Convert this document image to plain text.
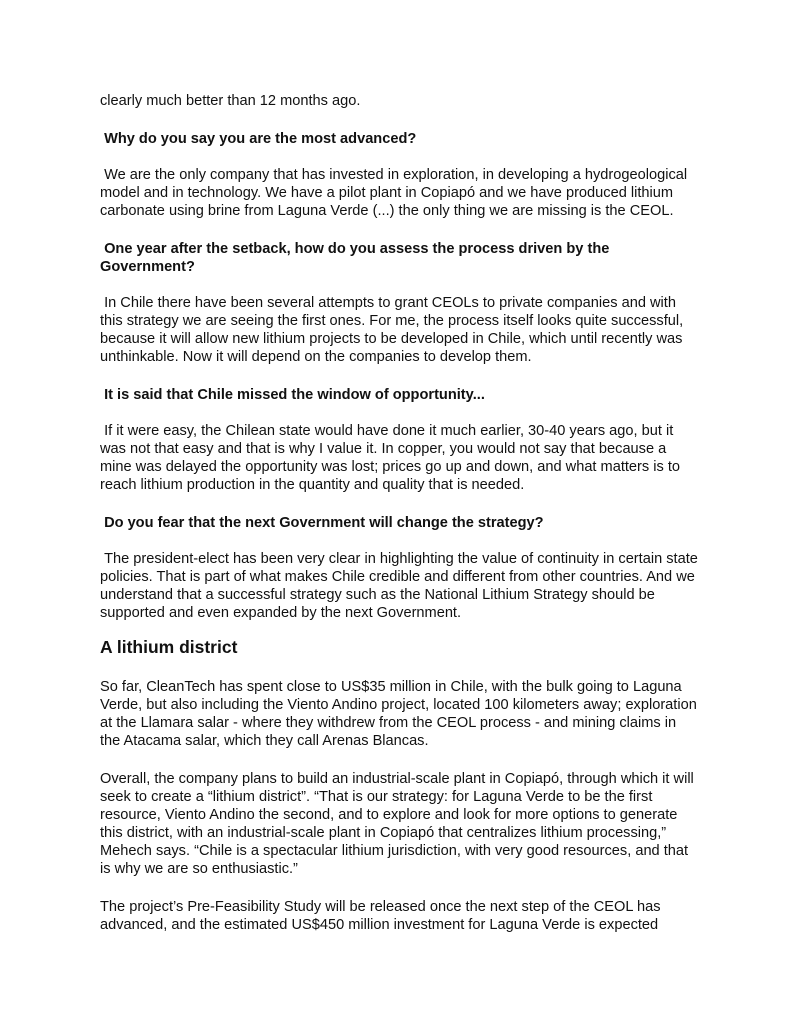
clearly much better than 12 months ago.

Why do you say you are the most advanced?

We are the only company that has invested in exploration, in developing a hydrogeological model and in technology. We have a pilot plant in Copiapó and we have produced lithium carbonate using brine from Laguna Verde (...) the only thing we are missing is the CEOL.

One year after the setback, how do you assess the process driven by the Government?

In Chile there have been several attempts to grant CEOLs to private companies and with this strategy we are seeing the first ones. For me, the process itself looks quite successful, because it will allow new lithium projects to be developed in Chile, which until recently was unthinkable. Now it will depend on the companies to develop them.

It is said that Chile missed the window of opportunity...

If it were easy, the Chilean state would have done it much earlier, 30-40 years ago, but it was not that easy and that is why I value it. In copper, you would not say that because a mine was delayed the opportunity was lost; prices go up and down, and what matters is to reach lithium production in the quantity and quality that is needed.

Do you fear that the next Government will change the strategy?

The president-elect has been very clear in highlighting the value of continuity in certain state policies. That is part of what makes Chile credible and different from other countries. And we understand that a successful strategy such as the National Lithium Strategy should be supported and even expanded by the next Government.

A lithium district

So far, CleanTech has spent close to US$35 million in Chile, with the bulk going to Laguna Verde, but also including the Viento Andino project, located 100 kilometers away; exploration at the Llamara salar - where they withdrew from the CEOL process - and mining claims in the Atacama salar, which they call Arenas Blancas.

Overall, the company plans to build an industrial-scale plant in Copiapó, through which it will seek to create a “lithium district”. “That is our strategy: for Laguna Verde to be the first resource, Viento Andino the second, and to explore and look for more options to generate this district, with an industrial-scale plant in Copiapó that centralizes lithium processing,” Mehech says. “Chile is a spectacular lithium jurisdiction, with very good resources, and that is why we are so enthusiastic.”

The project’s Pre-Feasibility Study will be released once the next step of the CEOL has advanced, and the estimated US$450 million investment for Laguna Verde is expected
